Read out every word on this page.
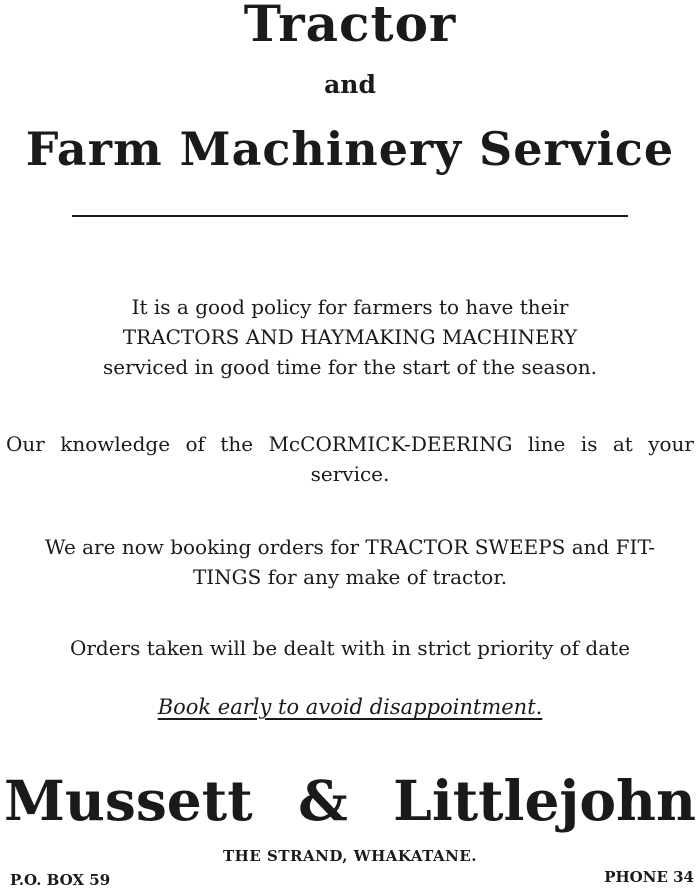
Tractor
and
Farm Machinery Service
It is a good policy for farmers to have their
TRACTORS AND HAYMAKING MACHINERY
serviced in good time for the start of the season.
Our knowledge of the McCORMICK-DEERING line is at your
service.
We are now booking orders for TRACTOR SWEEPS and FIT-
TINGS for any make of tractor.
Orders taken will be dealt with in strict priority of date
Book early to avoid disappointment.
Mussett & Littlejohn
THE STRAND, WHAKATANE.
P.O. BOX 59	PHONE 34
